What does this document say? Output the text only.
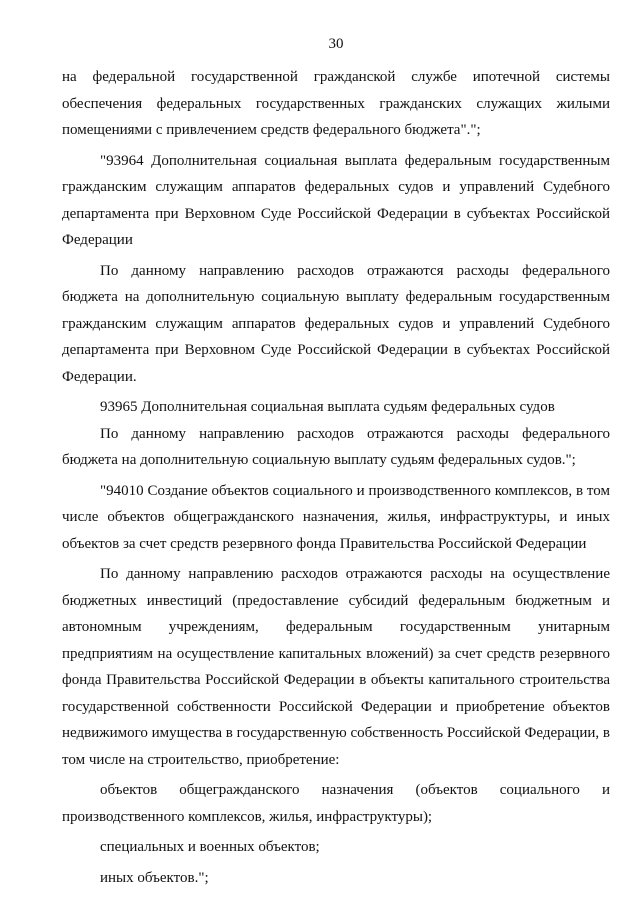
30

на федеральной государственной гражданской службе ипотечной системы обеспечения федеральных государственных гражданских служащих жилыми помещениями с привлечением средств федерального бюджета".";

"93964 Дополнительная социальная выплата федеральным государственным гражданским служащим аппаратов федеральных судов и управлений Судебного департамента при Верховном Суде Российской Федерации в субъектах Российской Федерации

По данному направлению расходов отражаются расходы федерального бюджета на дополнительную социальную выплату федеральным государственным гражданским служащим аппаратов федеральных судов и управлений Судебного департамента при Верховном Суде Российской Федерации в субъектах Российской Федерации.

93965 Дополнительная социальная выплата судьям федеральных судов

По данному направлению расходов отражаются расходы федерального бюджета на дополнительную социальную выплату судьям федеральных судов.";

"94010 Создание объектов социального и производственного комплексов, в том числе объектов общегражданского назначения, жилья, инфраструктуры, и иных объектов за счет средств резервного фонда Правительства Российской Федерации

По данному направлению расходов отражаются расходы на осуществление бюджетных инвестиций (предоставление субсидий федеральным бюджетным и автономным учреждениям, федеральным государственным унитарным предприятиям на осуществление капитальных вложений) за счет средств резервного фонда Правительства Российской Федерации в объекты капитального строительства государственной собственности Российской Федерации и приобретение объектов недвижимого имущества в государственную собственность Российской Федерации, в том числе на строительство, приобретение:

объектов общегражданского назначения (объектов социального и производственного комплексов, жилья, инфраструктуры);

специальных и военных объектов;

иных объектов.";
